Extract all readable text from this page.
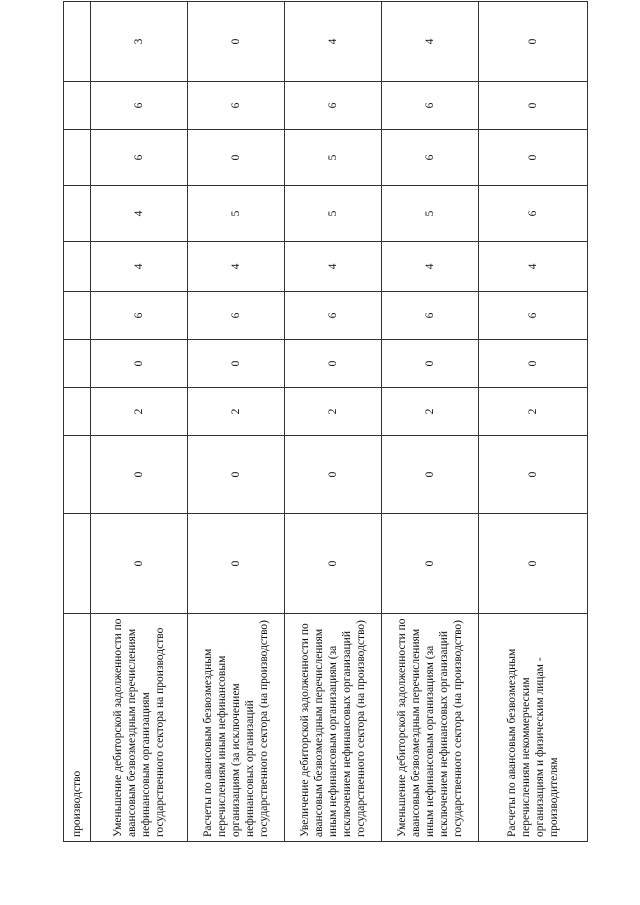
производство										
Уменьшение дебиторской задолженности по авансовым безвозмездным перечислениям нефинансовым организациям государственного сектора на производство	0	0	2	0	6	4	4	6	6	3
Расчеты по авансовым безвозмездным перечислениям иным нефинансовым организациям (за исключением нефинансовых организаций государственного сектора (на производство)	0	0	2	0	6	4	5	0	6	0
Увеличение дебиторской задолженности по авансовым безвозмездным перечислениям иным нефинансовым организациям (за исключением нефинансовых организаций государственного сектора (на производство)	0	0	2	0	6	4	5	5	6	4
Уменьшение дебиторской задолженности по авансовым безвозмездным перечислениям иным нефинансовым организациям (за исключением нефинансовых организаций государственного сектора (на производство)	0	0	2	0	6	4	5	6	6	4
Расчеты по авансовым безвозмездным перечислениям некоммерческим организациям и физическим лицам - производителям	0	0	2	0	6	4	6	0	0	0
